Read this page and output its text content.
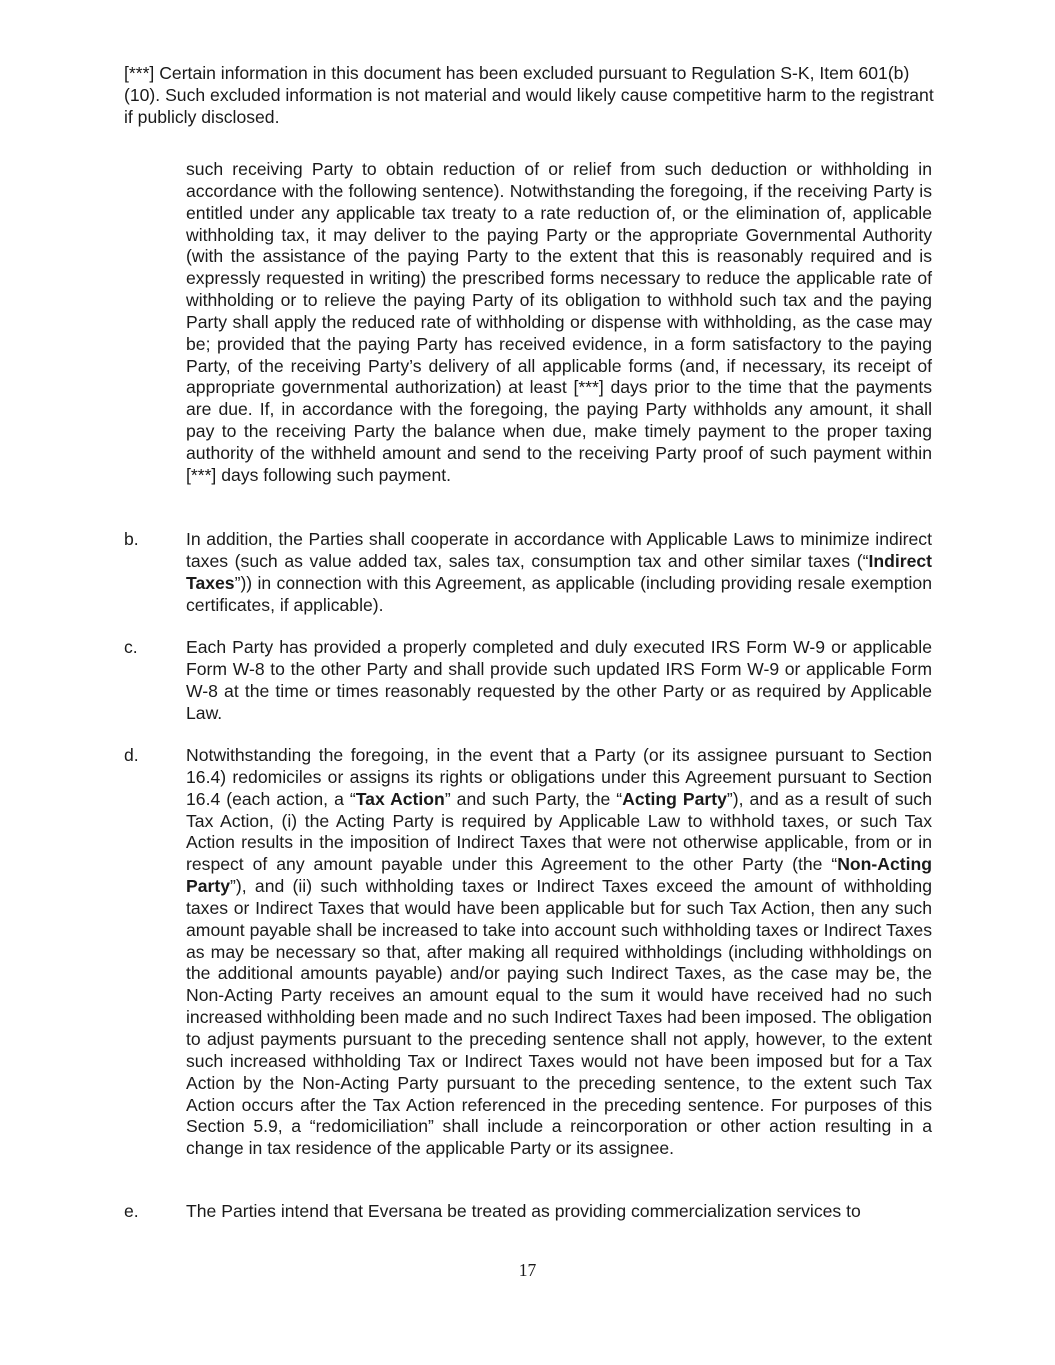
[***] Certain information in this document has been excluded pursuant to Regulation S-K, Item 601(b)(10). Such excluded information is not material and would likely cause competitive harm to the registrant if publicly disclosed.
such receiving Party to obtain reduction of or relief from such deduction or withholding in accordance with the following sentence). Notwithstanding the foregoing, if the receiving Party is entitled under any applicable tax treaty to a rate reduction of, or the elimination of, applicable withholding tax, it may deliver to the paying Party or the appropriate Governmental Authority (with the assistance of the paying Party to the extent that this is reasonably required and is expressly requested in writing) the prescribed forms necessary to reduce the applicable rate of withholding or to relieve the paying Party of its obligation to withhold such tax and the paying Party shall apply the reduced rate of withholding or dispense with withholding, as the case may be; provided that the paying Party has received evidence, in a form satisfactory to the paying Party, of the receiving Party’s delivery of all applicable forms (and, if necessary, its receipt of appropriate governmental authorization) at least [***] days prior to the time that the payments are due. If, in accordance with the foregoing, the paying Party withholds any amount, it shall pay to the receiving Party the balance when due, make timely payment to the proper taxing authority of the withheld amount and send to the receiving Party proof of such payment within [***] days following such payment.
b.	In addition, the Parties shall cooperate in accordance with Applicable Laws to minimize indirect taxes (such as value added tax, sales tax, consumption tax and other similar taxes (“Indirect Taxes”)) in connection with this Agreement, as applicable (including providing resale exemption certificates, if applicable).
c.	Each Party has provided a properly completed and duly executed IRS Form W-9 or applicable Form W-8 to the other Party and shall provide such updated IRS Form W-9 or applicable Form W-8 at the time or times reasonably requested by the other Party or as required by Applicable Law.
d.	Notwithstanding the foregoing, in the event that a Party (or its assignee pursuant to Section 16.4) redomiciles or assigns its rights or obligations under this Agreement pursuant to Section 16.4 (each action, a “Tax Action” and such Party, the “Acting Party”), and as a result of such Tax Action, (i) the Acting Party is required by Applicable Law to withhold taxes, or such Tax Action results in the imposition of Indirect Taxes that were not otherwise applicable, from or in respect of any amount payable under this Agreement to the other Party (the “Non-Acting Party”), and (ii) such withholding taxes or Indirect Taxes exceed the amount of withholding taxes or Indirect Taxes that would have been applicable but for such Tax Action, then any such amount payable shall be increased to take into account such withholding taxes or Indirect Taxes as may be necessary so that, after making all required withholdings (including withholdings on the additional amounts payable) and/or paying such Indirect Taxes, as the case may be, the Non-Acting Party receives an amount equal to the sum it would have received had no such increased withholding been made and no such Indirect Taxes had been imposed. The obligation to adjust payments pursuant to the preceding sentence shall not apply, however, to the extent such increased withholding Tax or Indirect Taxes would not have been imposed but for a Tax Action by the Non-Acting Party pursuant to the preceding sentence, to the extent such Tax Action occurs after the Tax Action referenced in the preceding sentence. For purposes of this Section 5.9, a “redomiciliation” shall include a reincorporation or other action resulting in a change in tax residence of the applicable Party or its assignee.
e.	The Parties intend that Eversana be treated as providing commercialization services to
17
